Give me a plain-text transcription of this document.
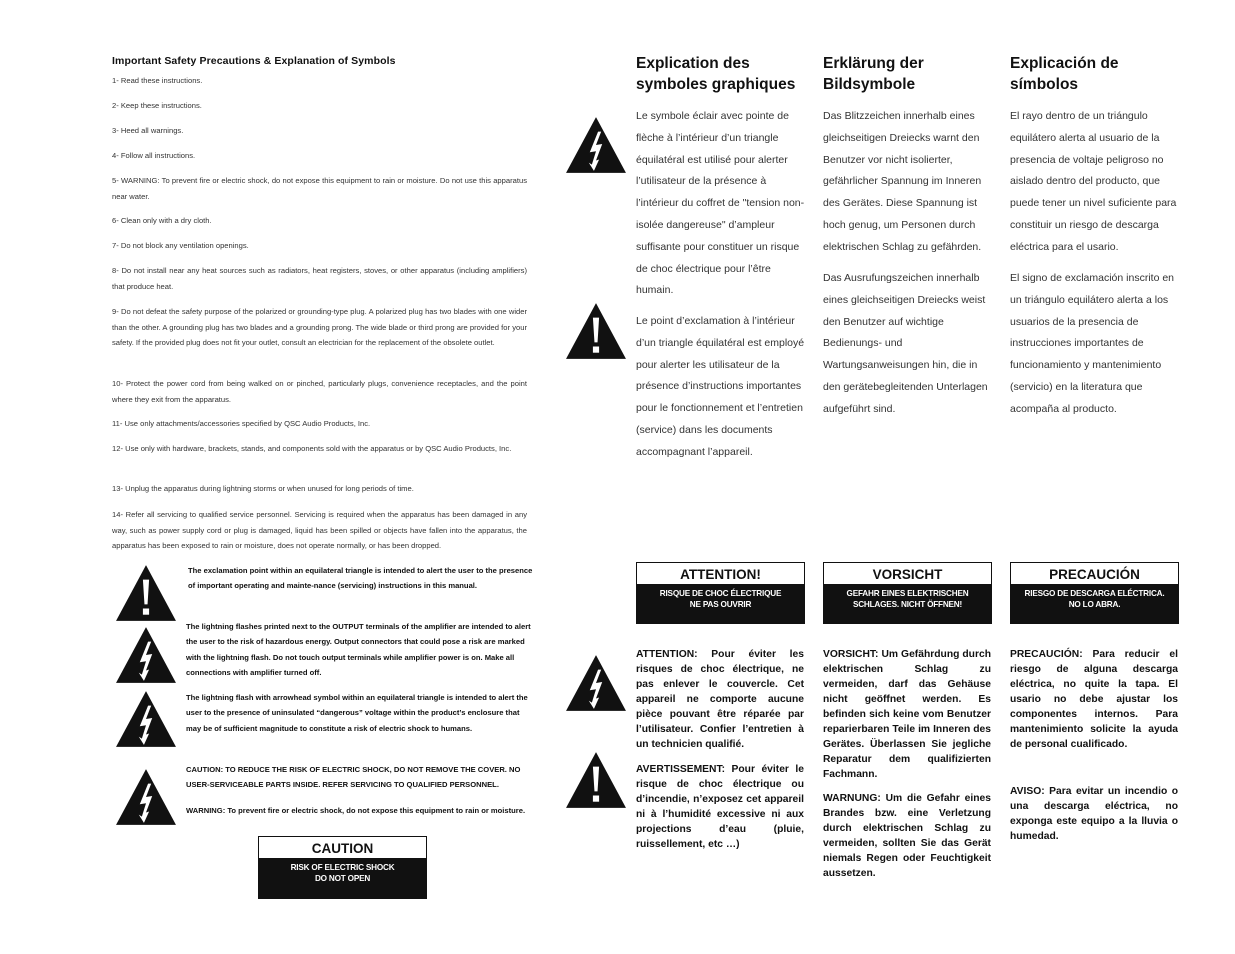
Important Safety Precautions & Explanation of Symbols
1- Read these instructions.
2- Keep these instructions.
3- Heed all warnings.
4- Follow all instructions.
5- WARNING: To prevent fire or electric shock, do not expose this equipment to rain or moisture. Do not use this apparatus near water.
6- Clean only with a dry cloth.
7- Do not block any ventilation openings.
8- Do not install near any heat sources such as radiators, heat registers, stoves, or other apparatus (including amplifiers) that produce heat.
9- Do not defeat the safety purpose of the polarized or grounding-type plug. A polarized plug has two blades with one wider than the other. A grounding plug has two blades and a grounding prong. The wide blade or third prong are provided for your safety. If the provided plug does not fit your outlet, consult an electrician for the replacement of the obsolete outlet.
10- Protect the power cord from being walked on or pinched, particularly plugs, convenience receptacles, and the point where they exit from the apparatus.
11- Use only attachments/accessories specified by QSC Audio Products, Inc.
12- Use only with hardware, brackets, stands, and components sold with the apparatus or by QSC Audio Products, Inc.
13- Unplug the apparatus during lightning storms or when unused for long periods of time.
14- Refer all servicing to qualified service personnel. Servicing is required when the apparatus has been damaged in any way, such as power supply cord or plug is damaged, liquid has been spilled or objects have fallen into the apparatus, the apparatus has been exposed to rain or moisture, does not operate normally, or has been dropped.
The exclamation point within an equilateral triangle is intended to alert the user to the presence of important operating and mainte-nance (servicing) instructions in this manual.
The lightning flashes printed next to the OUTPUT terminals of the amplifier are intended to alert the user to the risk of hazardous energy. Output connectors that could pose a risk are marked with the lightning flash. Do not touch output terminals while amplifier power is on. Make all connections with amplifier turned off.
The lightning flash with arrowhead symbol within an equilateral triangle is intended to alert the user to the presence of uninsulated “dangerous” voltage within the product’s enclosure that may be of sufficient magnitude to constitute a risk of electric shock to humans.
CAUTION: TO REDUCE THE RISK OF ELECTRIC SHOCK, DO NOT REMOVE THE COVER. NO USER-SERVICEABLE PARTS INSIDE. REFER SERVICING TO QUALIFIED PERSONNEL.
WARNING: To prevent fire or electric shock, do not expose this equipment to rain or moisture.
CAUTION
RISK OF ELECTRIC SHOCK
DO NOT OPEN
Explication des
symboles graphiques
Le symbole éclair avec pointe de flèche à l’intérieur d’un triangle équilatéral est utilisé pour alerter l’utilisateur de la présence à l’intérieur du coffret de "tension non-isolée dangereuse" d’ampleur suffisante pour constituer un risque de choc électrique pour l’être humain.
Le point d’exclamation à l’intérieur d’un triangle équilatéral est employé pour alerter les utilisateur de la présence d’instructions importantes pour le fonctionnement et l’entretien (service) dans les documents accompagnant l’appareil.
ATTENTION!
RISQUE DE CHOC ÉLECTRIQUE
NE PAS OUVRIR
ATTENTION: Pour éviter les risques de choc électrique, ne pas enlever le couvercle. Cet appareil ne comporte aucune pièce pouvant être réparée par l’utilisateur. Confier l’entretien à un technicien qualifié.
AVERTISSEMENT: Pour éviter le risque de choc électrique ou d’incendie, n’exposez cet appareil ni à l’humidité excessive ni aux projections d’eau (pluie, ruissellement, etc …)
Erklärung der
Bildsymbole
Das Blitzzeichen innerhalb eines gleichseitigen Dreiecks warnt den Benutzer vor nicht isolierter, gefährlicher Spannung im Inneren des Gerätes. Diese Spannung ist hoch genug, um Personen durch elektrischen Schlag zu gefährden.
Das Ausrufungszeichen innerhalb eines gleichseitigen Dreiecks weist den Benutzer auf wichtige Bedienungs- und Wartungsanweisungen hin, die in den gerätebegleitenden Unterlagen aufgeführt sind.
VORSICHT
GEFAHR EINES ELEKTRISCHEN
SCHLAGES. NICHT ÖFFNEN!
VORSICHT: Um Gefährdung durch elektrischen Schlag zu vermeiden, darf das Gehäuse nicht geöffnet werden. Es befinden sich keine vom Benutzer reparierbaren Teile im Inneren des Gerätes. Überlassen Sie jegliche Reparatur dem qualifizierten Fachmann.
WARNUNG: Um die Gefahr eines Brandes bzw. eine Verletzung durch elektrischen Schlag zu vermeiden, sollten Sie das Gerät niemals Regen oder Feuchtigkeit aussetzen.
Explicación de
símbolos
El rayo dentro de un triángulo equilátero alerta al usuario de la presencia de voltaje peligroso no aislado dentro del producto, que puede tener un nivel suficiente para constituir un riesgo de descarga eléctrica para el usario.
El signo de exclamación inscrito en un triángulo equilátero alerta a los usuarios de la presencia de instrucciones importantes de funcionamiento y mantenimiento (servicio) en la literatura que acompaña al producto.
PRECAUCIÓN
RIESGO DE DESCARGA ELÉCTRICA.
NO LO ABRA.
PRECAUCIÓN: Para reducir el riesgo de alguna descarga eléctrica, no quite la tapa. El usario no debe ajustar los componentes internos. Para mantenimiento solicite la ayuda de personal cualificado.
AVISO: Para evitar un incendio o una descarga eléctrica, no exponga este equipo a la lluvia o humedad.
